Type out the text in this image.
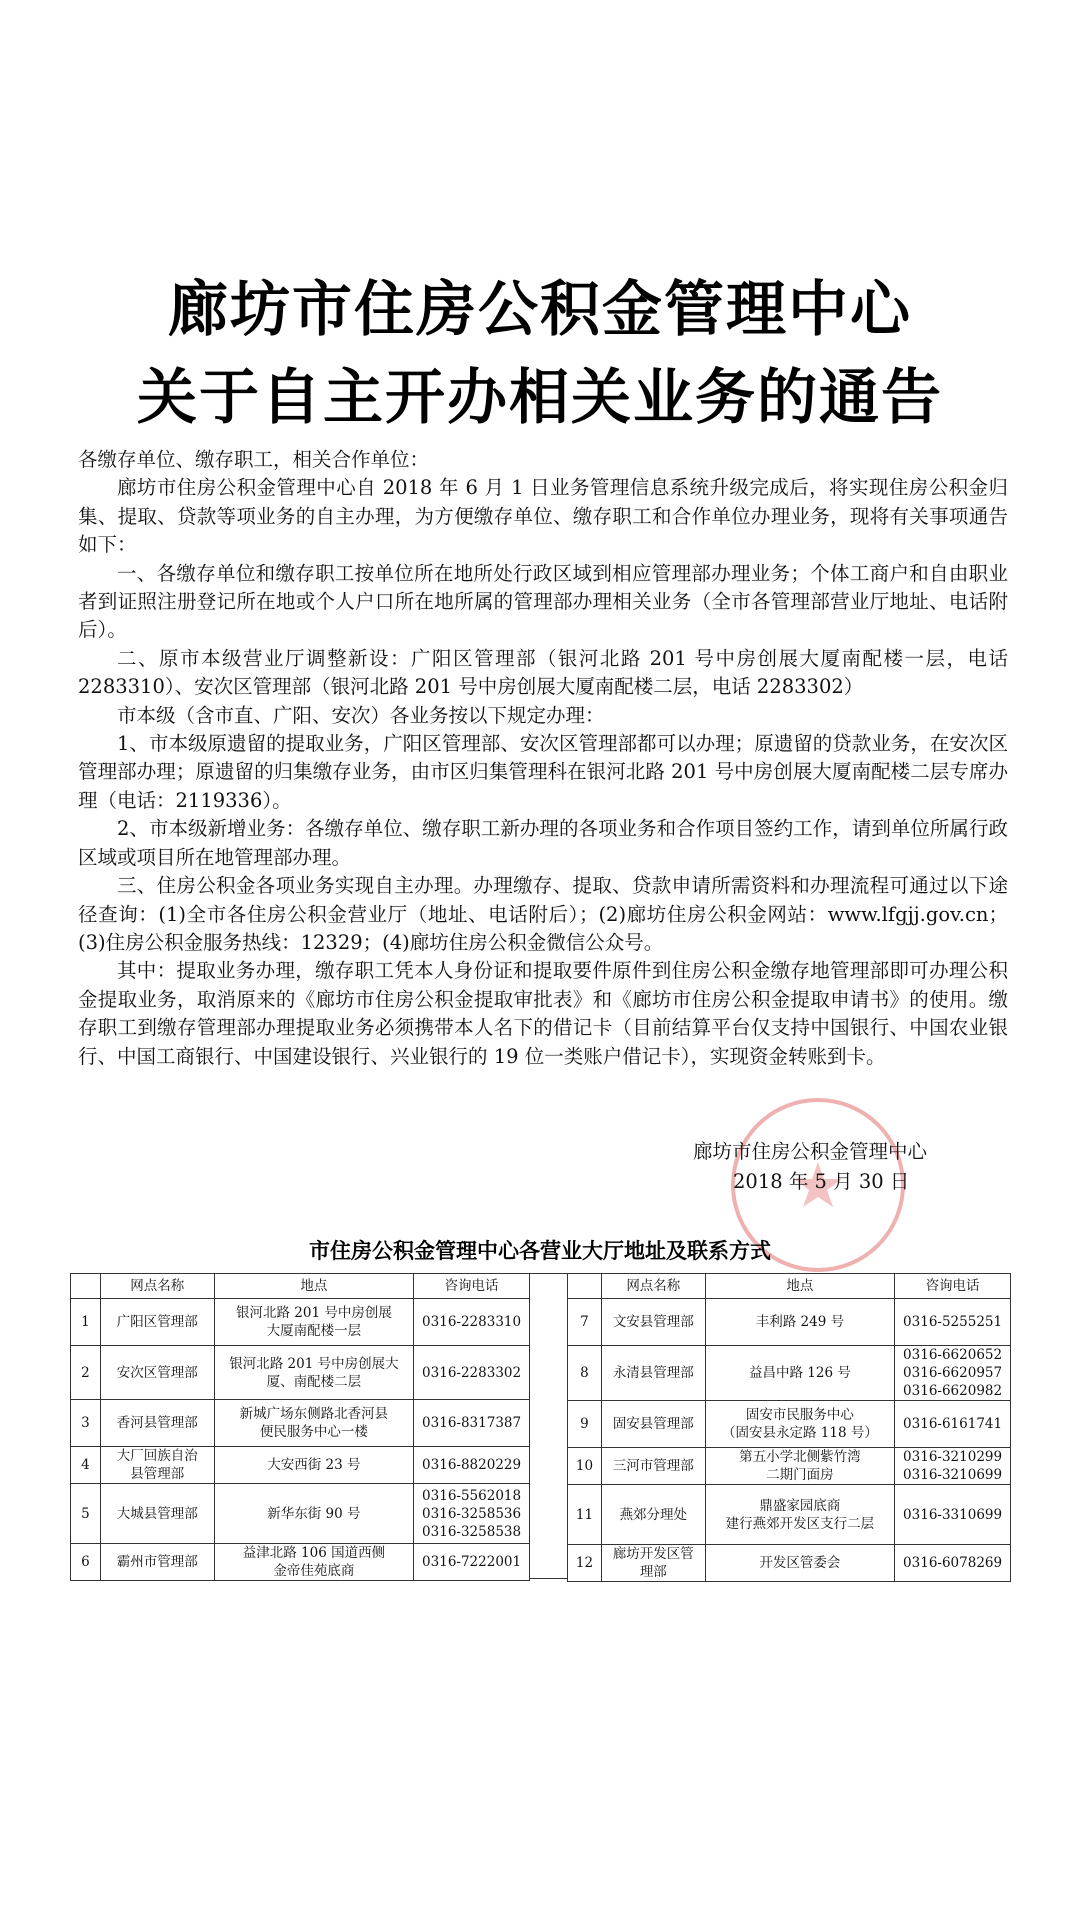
廊坊市住房公积金管理中心
关于自主开办相关业务的通告

各缴存单位、缴存职工，相关合作单位：

廊坊市住房公积金管理中心自 2018 年 6 月 1 日业务管理信息系统升级完成后，将实现住房公积金归集、提取、贷款等项业务的自主办理，为方便缴存单位、缴存职工和合作单位办理业务，现将有关事项通告如下：

一、各缴存单位和缴存职工按单位所在地所处行政区域到相应管理部办理业务；个体工商户和自由职业者到证照注册登记所在地或个人户口所在地所属的管理部办理相关业务（全市各管理部营业厅地址、电话附后）。

二、原市本级营业厅调整新设：广阳区管理部（银河北路 201 号中房创展大厦南配楼一层，电话 2283310）、安次区管理部（银河北路 201 号中房创展大厦南配楼二层，电话 2283302）

市本级（含市直、广阳、安次）各业务按以下规定办理：

1、市本级原遗留的提取业务，广阳区管理部、安次区管理部都可以办理；原遗留的贷款业务，在安次区管理部办理；原遗留的归集缴存业务，由市区归集管理科在银河北路 201 号中房创展大厦南配楼二层专席办理（电话：2119336）。

2、市本级新增业务：各缴存单位、缴存职工新办理的各项业务和合作项目签约工作，请到单位所属行政区域或项目所在地管理部办理。

三、住房公积金各项业务实现自主办理。办理缴存、提取、贷款申请所需资料和办理流程可通过以下途径查询：(1)全市各住房公积金营业厅（地址、电话附后）；(2)廊坊住房公积金网站：www.lfgjj.gov.cn；(3)住房公积金服务热线：12329；(4)廊坊住房公积金微信公众号。

其中：提取业务办理，缴存职工凭本人身份证和提取要件原件到住房公积金缴存地管理部即可办理公积金提取业务，取消原来的《廊坊市住房公积金提取审批表》和《廊坊市住房公积金提取申请书》的使用。缴存职工到缴存管理部办理提取业务必须携带本人名下的借记卡（目前结算平台仅支持中国银行、中国农业银行、中国工商银行、中国建设银行、兴业银行的 19 位一类账户借记卡），实现资金转账到卡。

廊坊市住房公积金管理中心
2018 年 5 月 30 日
市住房公积金管理中心各营业大厅地址及联系方式
	网点名称	地点	咨询电话
1	广阳区管理部	银河北路 201 号中房创展
大厦南配楼一层	0316-2283310
2	安次区管理部	银河北路 201 号中房创展大
厦、南配楼二层	0316-2283302
3	香河县管理部	新城广场东侧路北香河县
便民服务中心一楼	0316-8317387
4	大厂回族自治
县管理部	大安西街 23 号	0316-8820229
5	大城县管理部	新华东街 90 号	0316-5562018
0316-3258536
0316-3258538
6	霸州市管理部	益津北路 106 国道西侧
金帝佳苑底商	0316-7222001
	网点名称	地点	咨询电话
7	文安县管理部	丰利路 249 号	0316-5255251
8	永清县管理部	益昌中路 126 号	0316-6620652
0316-6620957
0316-6620982
9	固安县管理部	固安市民服务中心
（固安县永定路 118 号）	0316-6161741
10	三河市管理部	第五小学北侧紫竹湾
二期门面房	0316-3210299
0316-3210699
11	燕郊分理处	鼎盛家园底商
建行燕郊开发区支行二层	0316-3310699
12	廊坊开发区管
理部	开发区管委会	0316-6078269
